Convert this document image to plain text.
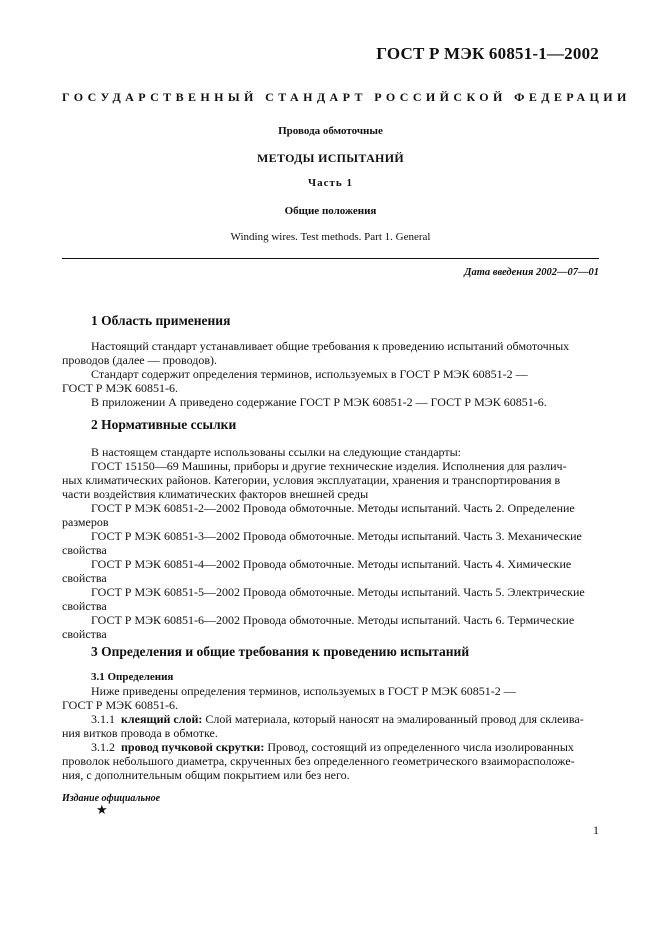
ГОСТ Р МЭК 60851-1—2002
ГОСУДАРСТВЕННЫЙ СТАНДАРТ РОССИЙСКОЙ ФЕДЕРАЦИИ
Провода обмоточные
МЕТОДЫ ИСПЫТАНИЙ
Часть 1
Общие положения
Winding wires. Test methods. Part 1. General
Дата введения 2002—07—01
1 Область применения

Настоящий стандарт устанавливает общие требования к проведению испытаний обмоточных

проводов (далее — проводов).

Стандарт содержит определения терминов, используемых в ГОСТ Р МЭК 60851-2 —

ГОСТ Р МЭК 60851-6.

В приложении А приведено содержание ГОСТ Р МЭК 60851-2 — ГОСТ Р МЭК 60851-6.

2 Нормативные ссылки

В настоящем стандарте использованы ссылки на следующие стандарты:

ГОСТ 15150—69 Машины, приборы и другие технические изделия. Исполнения для различ-

ных климатических районов. Категории, условия эксплуатации, хранения и транспортирования в

части воздействия климатических факторов внешней среды

ГОСТ Р МЭК 60851-2—2002 Провода обмоточные. Методы испытаний. Часть 2. Определение

размеров

ГОСТ Р МЭК 60851-3—2002 Провода обмоточные. Методы испытаний. Часть 3. Механические

свойства

ГОСТ Р МЭК 60851-4—2002 Провода обмоточные. Методы испытаний. Часть 4. Химические

свойства

ГОСТ Р МЭК 60851-5—2002 Провода обмоточные. Методы испытаний. Часть 5. Электрические

свойства

ГОСТ Р МЭК 60851-6—2002 Провода обмоточные. Методы испытаний. Часть 6. Термические

свойства

3 Определения и общие требования к проведению испытаний

3.1 Определения

Ниже приведены определения терминов, используемых в ГОСТ Р МЭК 60851-2 —

ГОСТ Р МЭК 60851-6.

3.1.1 клеящий слой: Слой материала, который наносят на эмалированный провод для склеива-

ния витков провода в обмотке.

3.1.2 провод пучковой скрутки: Провод, состоящий из определенного числа изолированных

проволок небольшого диаметра, скрученных без определенного геометрического взаиморасположе-

ния, с дополнительным общим покрытием или без него.

Издание официальное
★
1
